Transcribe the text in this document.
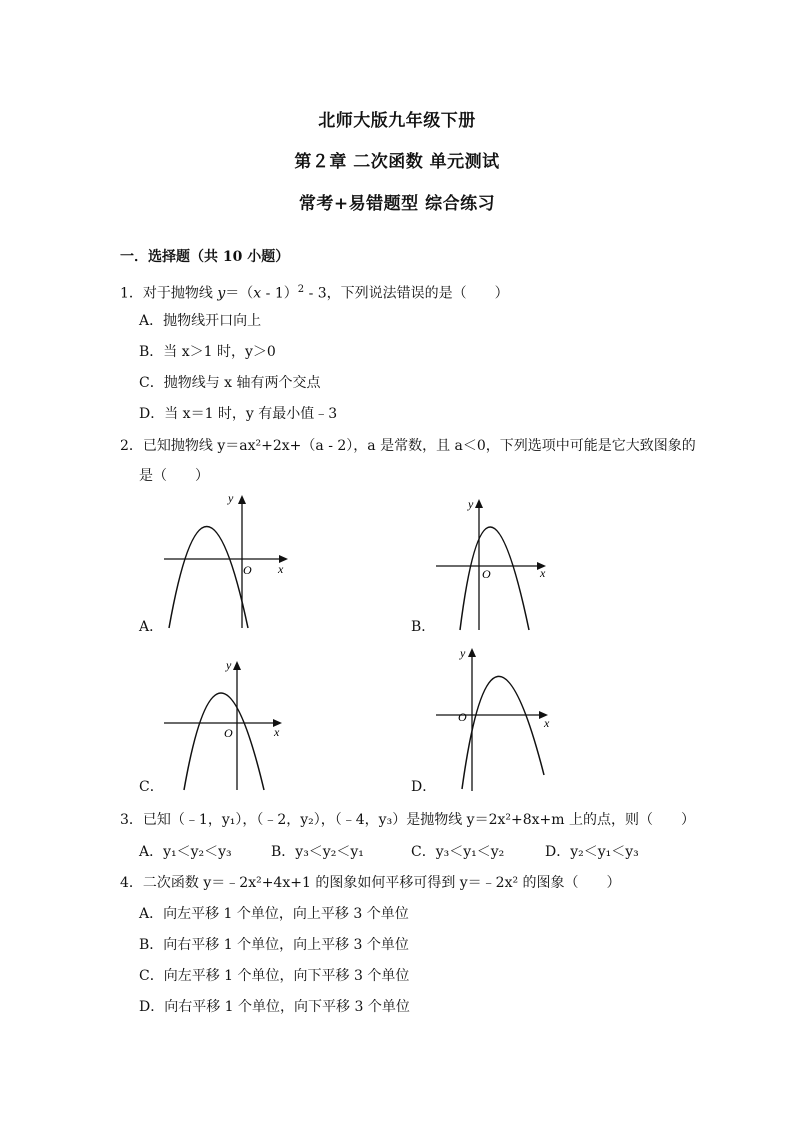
北师大版九年级下册
第２章 二次函数 单元测试
常考+易错题型 综合练习
一．选择题（共 10 小题）
1．对于抛物线 y＝（x - 1）$^2$ - 3，下列说法错误的是（　　）
A．抛物线开口向上
B．当 x＞1 时，y＞0
C．抛物线与 x 轴有两个交点
D．当 x＝1 时，y 有最小值﹣3
2．已知抛物线 y＝ax²+2x+（a - 2），a 是常数，且 a＜0，下列选项中可能是它大致图象的
是（　　）
y
x
O
A．
y
x
O
B．
y
x
O
C．
y
x
O
D．
3．已知（﹣1，y₁），（﹣2，y₂），（﹣4，y₃）是抛物线 y＝2x²+8x+m 上的点，则（　　）
A．y₁＜y₂＜y₃	B．y₃＜y₂＜y₁	C．y₃＜y₁＜y₂	D．y₂＜y₁＜y₃
4．二次函数 y＝﹣2x²+4x+1 的图象如何平移可得到 y＝﹣2x² 的图象（　　）
A．向左平移 1 个单位，向上平移 3 个单位
B．向右平移 1 个单位，向上平移 3 个单位
C．向左平移 1 个单位，向下平移 3 个单位
D．向右平移 1 个单位，向下平移 3 个单位
